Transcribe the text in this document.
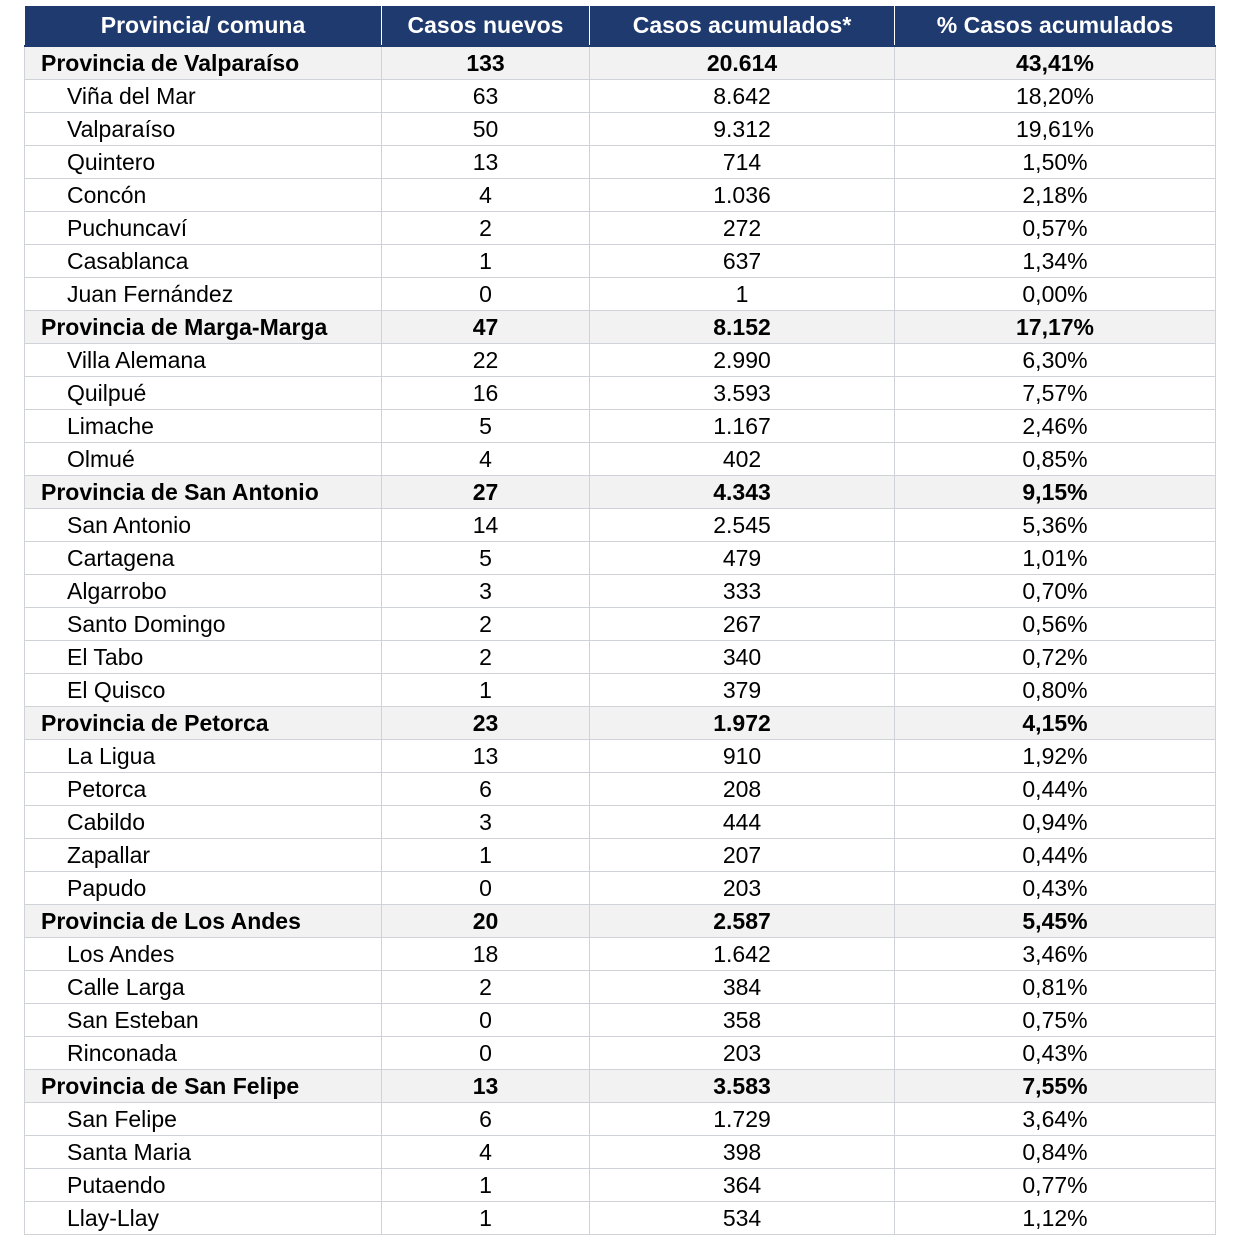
Provincia/ comuna	Casos nuevos	Casos acumulados*	% Casos acumulados
Provincia de Valparaíso	133	20.614	43,41%
Viña del Mar	63	8.642	18,20%
Valparaíso	50	9.312	19,61%
Quintero	13	714	1,50%
Concón	4	1.036	2,18%
Puchuncaví	2	272	0,57%
Casablanca	1	637	1,34%
Juan Fernández	0	1	0,00%
Provincia de Marga-Marga	47	8.152	17,17%
Villa Alemana	22	2.990	6,30%
Quilpué	16	3.593	7,57%
Limache	5	1.167	2,46%
Olmué	4	402	0,85%
Provincia de San Antonio	27	4.343	9,15%
San Antonio	14	2.545	5,36%
Cartagena	5	479	1,01%
Algarrobo	3	333	0,70%
Santo Domingo	2	267	0,56%
El Tabo	2	340	0,72%
El Quisco	1	379	0,80%
Provincia de Petorca	23	1.972	4,15%
La Ligua	13	910	1,92%
Petorca	6	208	0,44%
Cabildo	3	444	0,94%
Zapallar	1	207	0,44%
Papudo	0	203	0,43%
Provincia de Los Andes	20	2.587	5,45%
Los Andes	18	1.642	3,46%
Calle Larga	2	384	0,81%
San Esteban	0	358	0,75%
Rinconada	0	203	0,43%
Provincia de San Felipe	13	3.583	7,55%
San Felipe	6	1.729	3,64%
Santa Maria	4	398	0,84%
Putaendo	1	364	0,77%
Llay-Llay	1	534	1,12%
